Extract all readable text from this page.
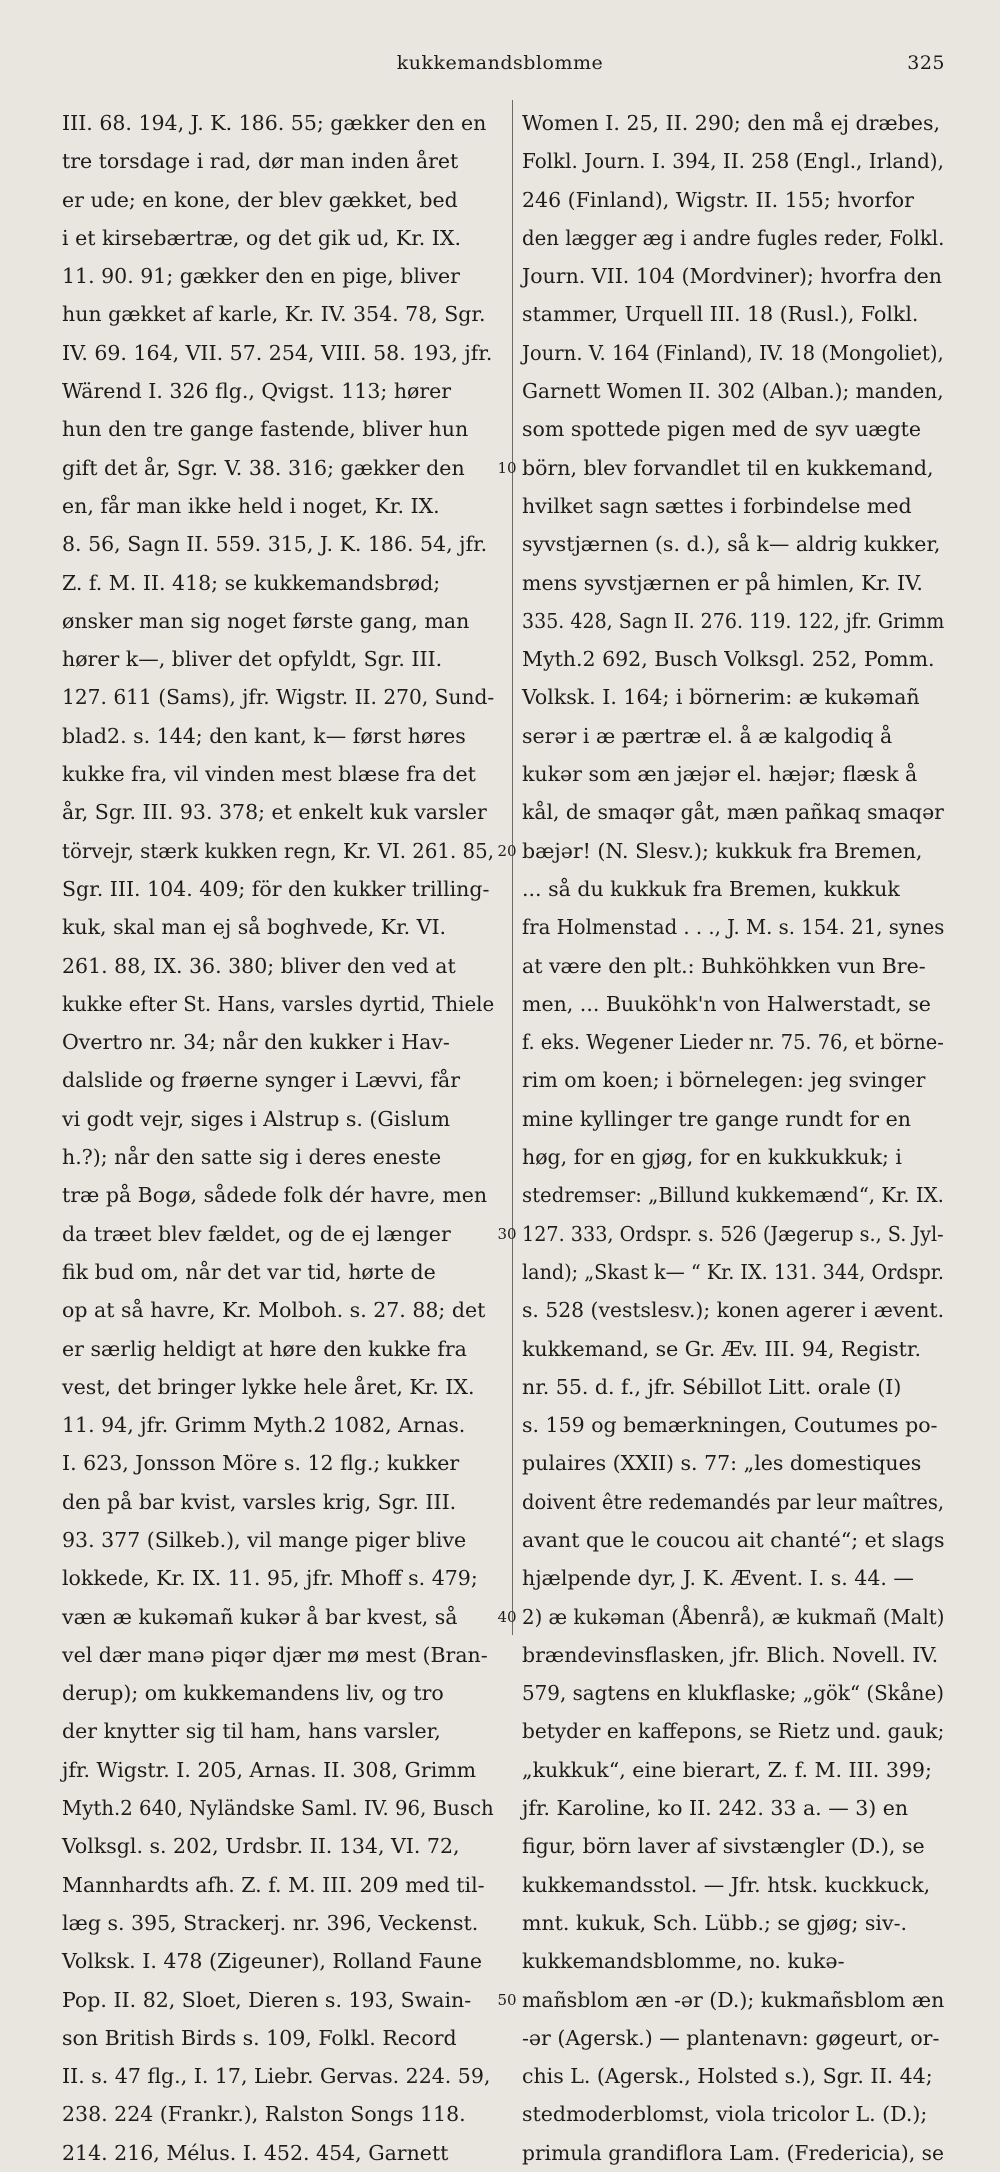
kukkemandsblomme	325
III. 68. 194, J. K. 186. 55; gækker den en
tre torsdage i rad, dør man inden året
er ude; en kone, der blev gækket, bed
i et kirsebærtræ, og det gik ud, Kr. IX.
11. 90. 91; gækker den en pige, bliver
hun gækket af karle, Kr. IV. 354. 78, Sgr.
IV. 69. 164, VII. 57. 254, VIII. 58. 193, jfr.
Wärend I. 326 flg., Qvigst. 113; hører
hun den tre gange fastende, bliver hun
gift det år, Sgr. V. 38. 316; gækker den
en, får man ikke held i noget, Kr. IX.
8. 56, Sagn II. 559. 315, J. K. 186. 54, jfr.
Z. f. M. II. 418; se kukkemandsbrød;
ønsker man sig noget første gang, man
hører k—, bliver det opfyldt, Sgr. III.
127. 611 (Sams), jfr. Wigstr. II. 270, Sund-
blad2. s. 144; den kant, k— først høres
kukke fra, vil vinden mest blæse fra det
år, Sgr. III. 93. 378; et enkelt kuk varsler
törvejr, stærk kukken regn, Kr. VI. 261. 85,
Sgr. III. 104. 409; för den kukker trilling-
kuk, skal man ej så boghvede, Kr. VI.
261. 88, IX. 36. 380; bliver den ved at
kukke efter St. Hans, varsles dyrtid, Thiele
Overtro nr. 34; når den kukker i Hav-
dalslide og frøerne synger i Lævvi, får
vi godt vejr, siges i Alstrup s. (Gislum
h.?); når den satte sig i deres eneste
træ på Bogø, sådede folk dér havre, men
da træet blev fældet, og de ej længer
fik bud om, når det var tid, hørte de
op at så havre, Kr. Molboh. s. 27. 88; det
er særlig heldigt at høre den kukke fra
vest, det bringer lykke hele året, Kr. IX.
11. 94, jfr. Grimm Myth.2 1082, Arnas.
I. 623, Jonsson Möre s. 12 flg.; kukker
den på bar kvist, varsles krig, Sgr. III.
93. 377 (Silkeb.), vil mange piger blive
lokkede, Kr. IX. 11. 95, jfr. Mhoff s. 479;
væn æ kukəmañ kukər å bar kvest, så
vel dær manə piqər djær mø mest (Bran-
derup); om kukkemandens liv, og tro
der knytter sig til ham, hans varsler,
jfr. Wigstr. I. 205, Arnas. II. 308, Grimm
Myth.2 640, Nyländske Saml. IV. 96, Busch
Volksgl. s. 202, Urdsbr. II. 134, VI. 72,
Mannhardts afh. Z. f. M. III. 209 med til-
læg s. 395, Strackerj. nr. 396, Veckenst.
Volksk. I. 478 (Zigeuner), Rolland Faune
Pop. II. 82, Sloet, Dieren s. 193, Swain-
son British Birds s. 109, Folkl. Record
II. s. 47 flg., I. 17, Liebr. Gervas. 224. 59,
238. 224 (Frankr.), Ralston Songs 118.
214. 216, Mélus. I. 452. 454, Garnett
10
20
30
40
50
Women I. 25, II. 290; den må ej dræbes,
Folkl. Journ. I. 394, II. 258 (Engl., Irland),
246 (Finland), Wigstr. II. 155; hvorfor
den lægger æg i andre fugles reder, Folkl.
Journ. VII. 104 (Mordviner); hvorfra den
stammer, Urquell III. 18 (Rusl.), Folkl.
Journ. V. 164 (Finland), IV. 18 (Mongoliet),
Garnett Women II. 302 (Alban.); manden,
som spottede pigen med de syv uægte
börn, blev forvandlet til en kukkemand,
hvilket sagn sættes i forbindelse med
syvstjærnen (s. d.), så k— aldrig kukker,
mens syvstjærnen er på himlen, Kr. IV.
335. 428, Sagn II. 276. 119. 122, jfr. Grimm
Myth.2 692, Busch Volksgl. 252, Pomm.
Volksk. I. 164; i börnerim: æ kukəmañ
serər i æ pærtræ el. å æ kalgodiq å
kukər som æn jæjər el. hæjər; flæsk å
kål, de smaqər gåt, mæn pañkaq smaqər
bæjər! (N. Slesv.); kukkuk fra Bremen,
... så du kukkuk fra Bremen, kukkuk
fra Holmenstad . . ., J. M. s. 154. 21, synes
at være den plt.: Buhköhkken vun Bre-
men, ... Buuköhk'n von Halwerstadt, se
f. eks. Wegener Lieder nr. 75. 76, et börne-
rim om koen; i börnelegen: jeg svinger
mine kyllinger tre gange rundt for en
høg, for en gjøg, for en kukkukkuk; i
stedremser: „Billund kukkemænd“, Kr. IX.
127. 333, Ordspr. s. 526 (Jægerup s., S. Jyl-
land); „Skast k— “ Kr. IX. 131. 344, Ordspr.
s. 528 (vestslesv.); konen agerer i ævent.
kukkemand, se Gr. Æv. III. 94, Registr.
nr. 55. d. f., jfr. Sébillot Litt. orale (I)
s. 159 og bemærkningen, Coutumes po-
pulaires (XXII) s. 77: „les domestiques
doivent être redemandés par leur maîtres,
avant que le coucou ait chanté“; et slags
hjælpende dyr, J. K. Ævent. I. s. 44. —
2) æ kukəman (Åbenrå), æ kukmañ (Malt)
brændevinsflasken, jfr. Blich. Novell. IV.
579, sagtens en klukflaske; „gök“ (Skåne)
betyder en kaffepons, se Rietz und. gauk;
„kukkuk“, eine bierart, Z. f. M. III. 399;
jfr. Karoline, ko II. 242. 33 a. — 3) en
figur, börn laver af sivstængler (D.), se
kukkemandsstol. — Jfr. htsk. kuckkuck,
mnt. kukuk, Sch. Lübb.; se gjøg; siv-.
kukkemandsblomme, no. kukə-
mañsblom æn -ər (D.); kukmañsblom æn
-ər (Agersk.) — plantenavn: gøgeurt, or-
chis L. (Agersk., Holsted s.), Sgr. II. 44;
stedmoderblomst, viola tricolor L. (D.);
primula grandiflora Lam. (Fredericia), se
